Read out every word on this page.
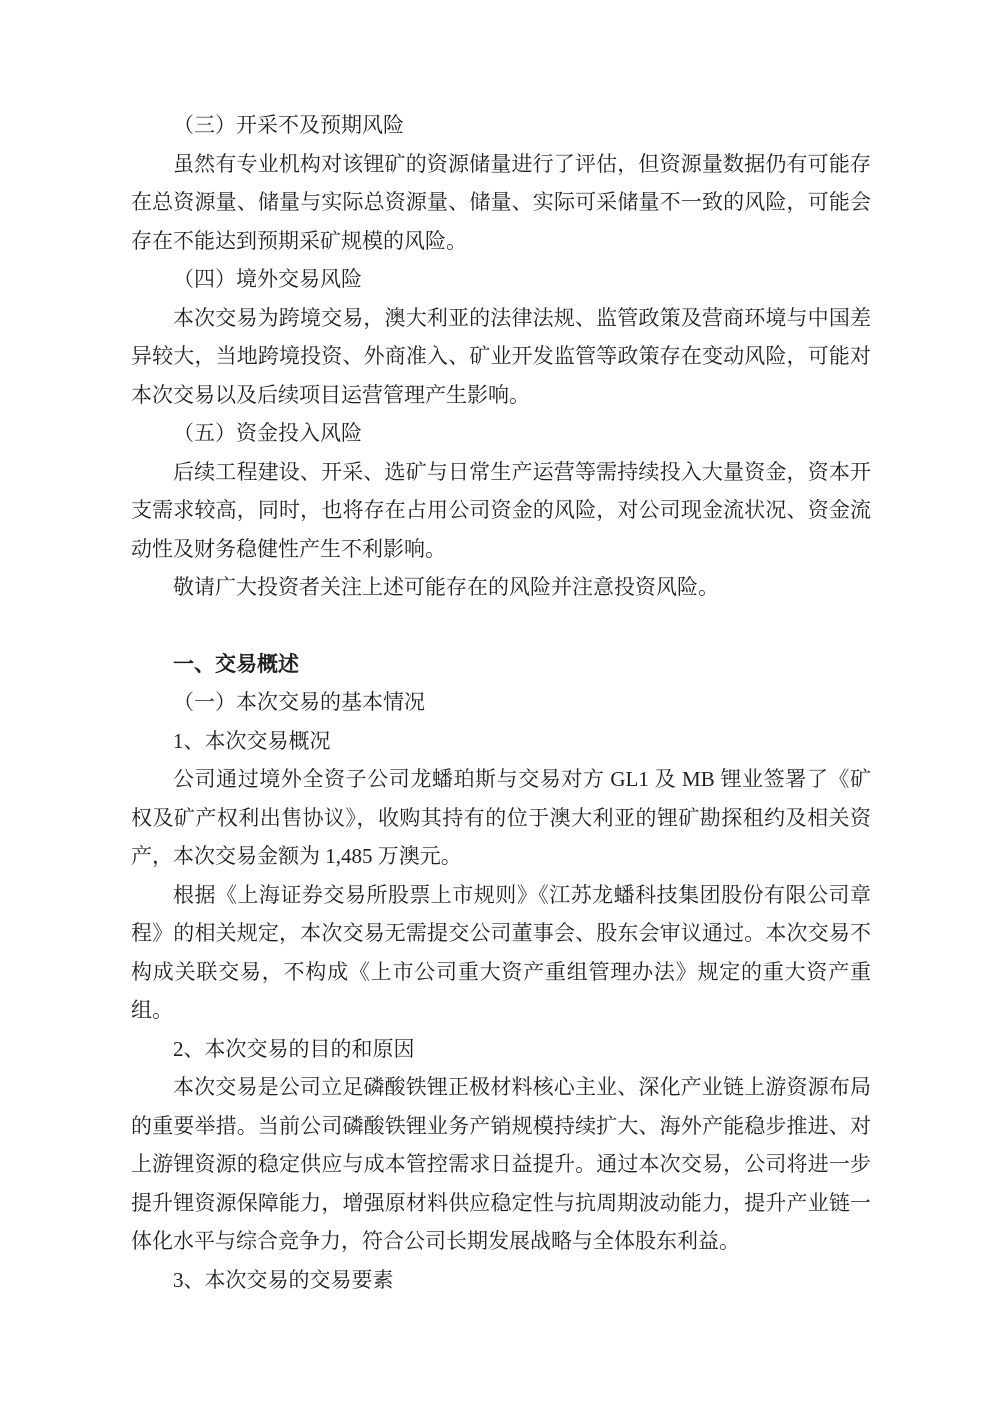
（三）开采不及预期风险

虽然有专业机构对该锂矿的资源储量进行了评估，但资源量数据仍有可能存在总资源量、储量与实际总资源量、储量、实际可采储量不一致的风险，可能会存在不能达到预期采矿规模的风险。

（四）境外交易风险

本次交易为跨境交易，澳大利亚的法律法规、监管政策及营商环境与中国差异较大，当地跨境投资、外商准入、矿业开发监管等政策存在变动风险，可能对本次交易以及后续项目运营管理产生影响。

（五）资金投入风险

后续工程建设、开采、选矿与日常生产运营等需持续投入大量资金，资本开支需求较高，同时，也将存在占用公司资金的风险，对公司现金流状况、资金流动性及财务稳健性产生不利影响。

敬请广大投资者关注上述可能存在的风险并注意投资风险。

一、交易概述

（一）本次交易的基本情况

1、本次交易概况

公司通过境外全资子公司龙蟠珀斯与交易对方 GL1 及 MB 锂业签署了《矿权及矿产权利出售协议》，收购其持有的位于澳大利亚的锂矿勘探租约及相关资产，本次交易金额为 1,485 万澳元。

根据《上海证券交易所股票上市规则》《江苏龙蟠科技集团股份有限公司章程》的相关规定，本次交易无需提交公司董事会、股东会审议通过。本次交易不构成关联交易，不构成《上市公司重大资产重组管理办法》规定的重大资产重组。

2、本次交易的目的和原因

本次交易是公司立足磷酸铁锂正极材料核心主业、深化产业链上游资源布局的重要举措。当前公司磷酸铁锂业务产销规模持续扩大、海外产能稳步推进、对上游锂资源的稳定供应与成本管控需求日益提升。通过本次交易，公司将进一步提升锂资源保障能力，增强原材料供应稳定性与抗周期波动能力，提升产业链一体化水平与综合竞争力，符合公司长期发展战略与全体股东利益。

3、本次交易的交易要素
